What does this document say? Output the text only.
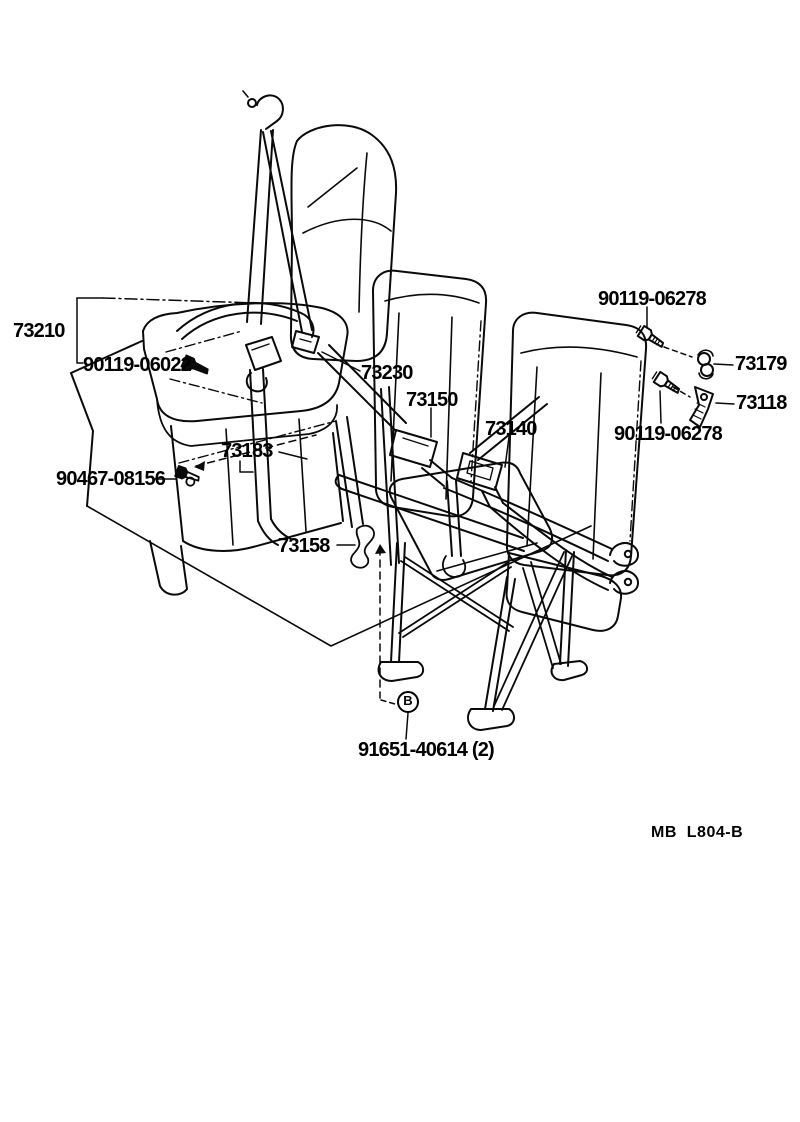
73210
90119-06022	73230
73150
73140
90119-06278
73179
73118
90119-06278
90467-08156
73183
73158
91651-40614 (2)
B
MB  L804-B
